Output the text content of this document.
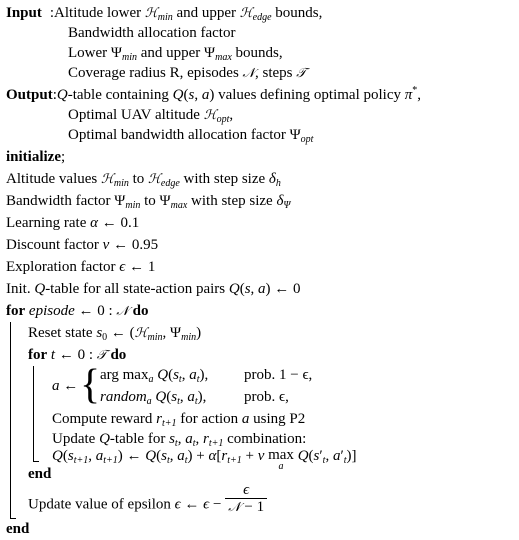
Input :Altitude lower ℋ$_{min}$ and upper ℋ$_{edge}$ bounds,
Bandwidth allocation factor
Lower $\Psi_{min}$ and upper $\Psi_{max}$ bounds,
Coverage radius R, episodes 𝒩, steps 𝒯
Output:Q-table containing Q(s, a) values defining optimal policy π*,
Optimal UAV altitude ℋ$_{opt}$,
Optimal bandwidth allocation factor $\Psi_{opt}$
initialize;
Altitude values ℋ$_{min}$ to ℋ$_{edge}$ with step size $\delta_h$
Bandwidth factor $\Psi_{min}$ to $\Psi_{max}$ with step size $\delta_\Psi$
Learning rate α ← 0.1
Discount factor ν ← 0.95
Exploration factor ϵ ← 1
Init. Q-table for all state-action pairs Q(s, a) ← 0
for episode ← 0 : 𝒩 do
Reset state $s_0$ ← (ℋ$_{min}$, $\Psi_{min}$)
for t ← 0 : 𝒯 do
a ← { arg $\max_a Q(s_t$, $a_t$), prob. 1 − ϵ,
random$_a$ $Q(s_t$, $a_t$),	prob. ϵ,
Compute reward $r_{t+1}$ for action a using P2
Update Q-table for $s_t$, $a_t$, $r_{t+1}$ combination:
$Q(s_{t+1}$, $a_{t+1}$) ← $Q(s_t$, $a_t) + \alpha[r_{t+1} + \nu$ max
a
$Q(s'_t$, $a'_t$)]
end
Update value of epsilon ϵ ← $\epsilon - \frac{\epsilon}{\text{𝒩 − 1}}$
end
